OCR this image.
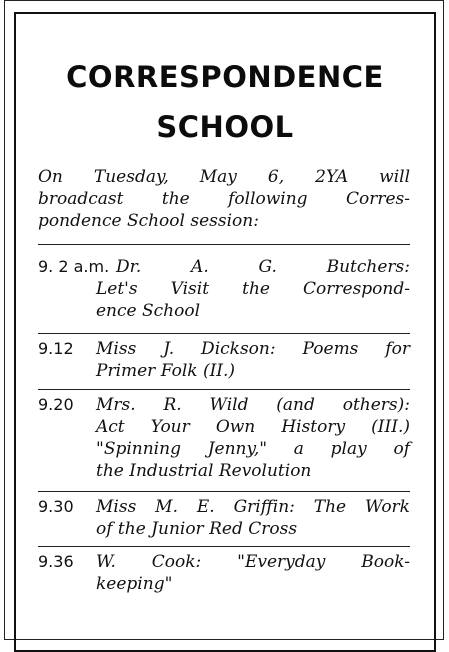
CORRESPONDENCE
SCHOOL
On Tuesday, May 6, 2YA will
broadcast the following Corres-
pondence School session:
9. 2 a.m. Dr. A. G. Butchers:
Let's Visit the Correspond-
ence School
9.12 Miss J. Dickson: Poems for
Primer Folk (II.)
9.20 Mrs. R. Wild (and others):
Act Your Own History (III.)
"Spinning Jenny," a play of
the Industrial Revolution
9.30 Miss M. E. Griffin: The Work
of the Junior Red Cross
9.36 W. Cook: "Everyday Book-
keeping"
